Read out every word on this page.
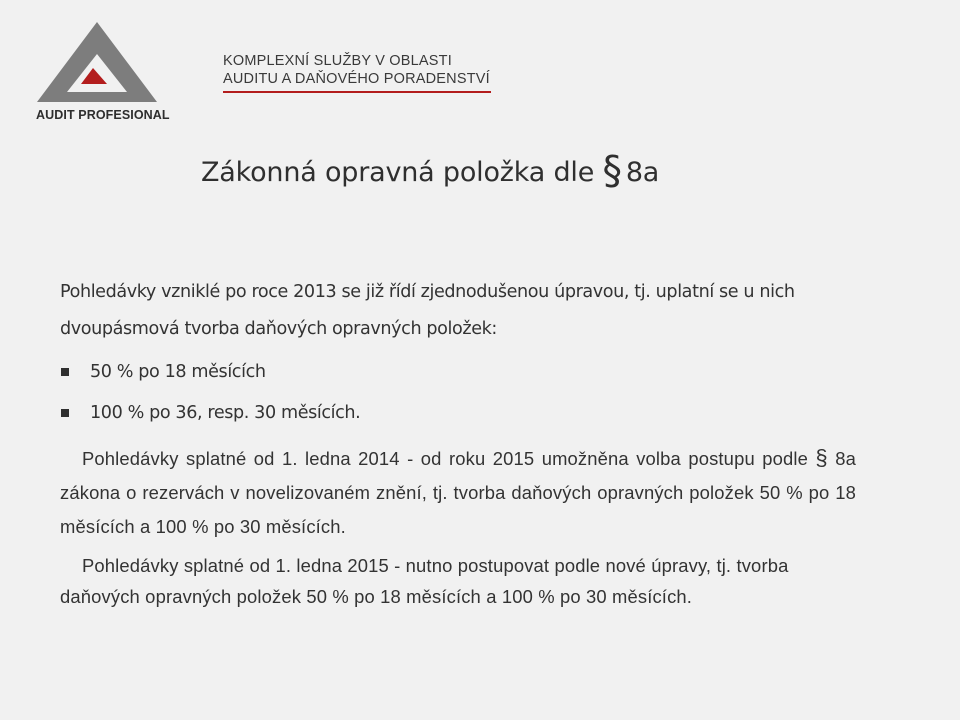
AUDIT PROFESIONAL
KOMPLEXNÍ SLUŽBY V OBLASTI
AUDITU A DAŇOVÉHO PORADENSTVÍ
Zákonná opravná položka dle § 8a

Pohledávky vzniklé po roce 2013 se již řídí zjednodušenou úpravou, tj. uplatní se u nich dvoupásmová tvorba daňových opravných položek:

50 % po 18 měsících
100 % po 36, resp. 30 měsících.

Pohledávky splatné od 1. ledna 2014 - od roku 2015 umožněna volba postupu podle § 8a zákona o rezervách v novelizovaném znění, tj. tvorba daňových opravných položek 50 % po 18 měsících a 100 % po 30 měsících.

Pohledávky splatné od 1. ledna 2015 - nutno postupovat podle nové úpravy, tj. tvorba daňových opravných položek 50 % po 18 měsících a 100 % po 30 měsících.
